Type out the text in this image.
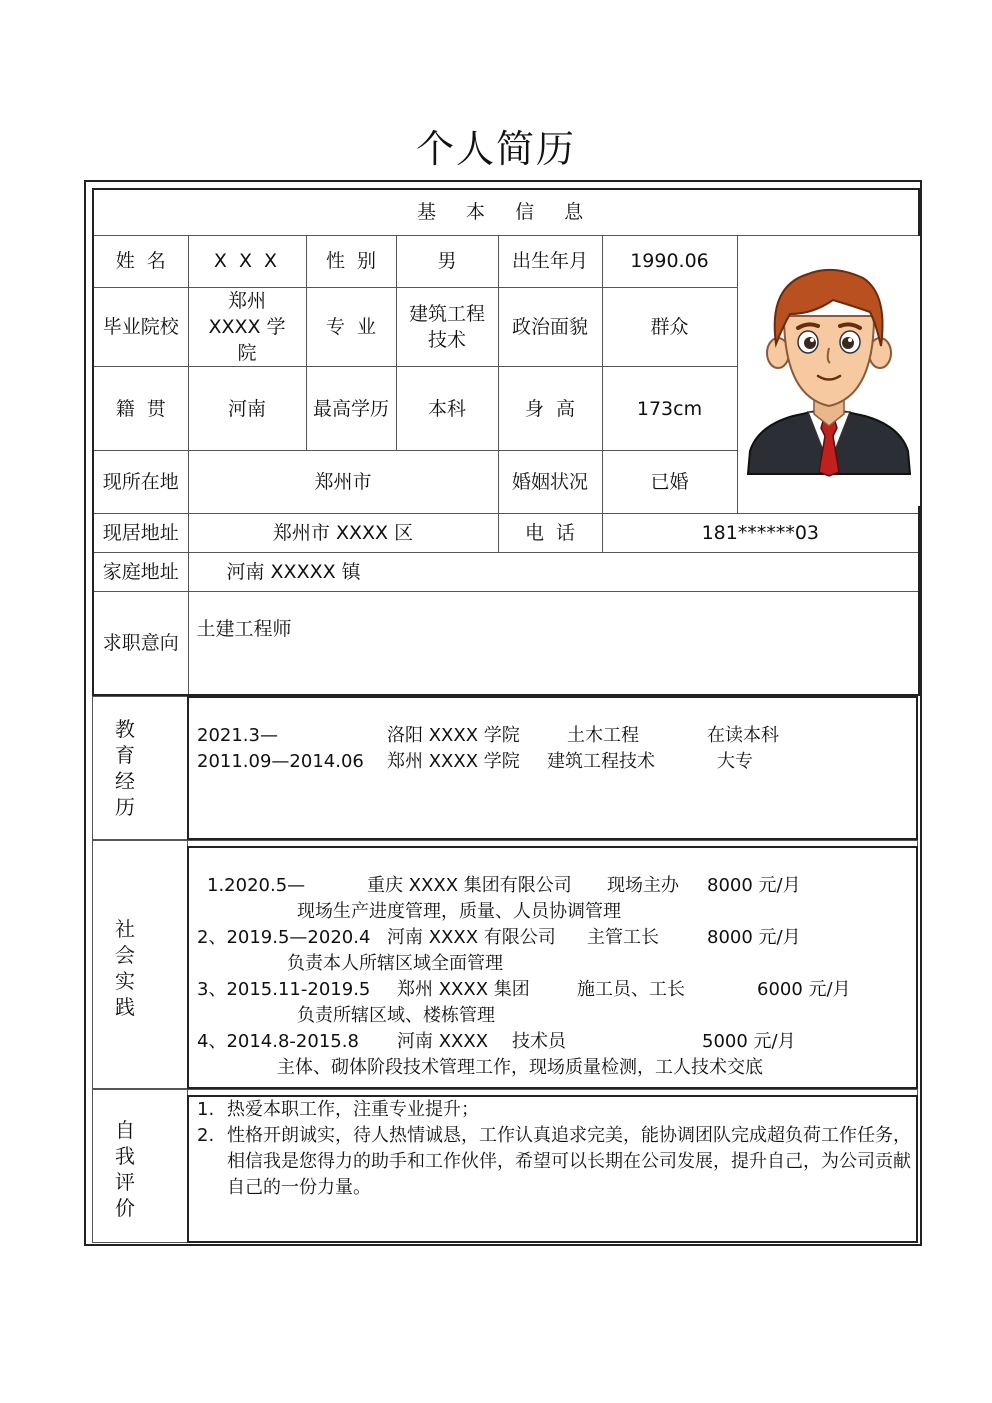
个人简历
基 本 信 息						
姓  名	X X X	性  别	男	出生年月	1990.06	
毕业院校	郑州 XXXX 学院	专  业	建筑工程技术	政治面貌	群众	
籍  贯	河南	最高学历	本科	身  高	173cm	
现所在地	郑州市			婚姻状况	已婚	
现居地址	郑州市 XXXX 区			电  话	181******03	
家庭地址	河南 XXXXX 镇					
求职意向	土建工程师					
教
育
经
历
2021.3—	洛阳 XXXX 学院	土木工程	在读本科
2011.09—2014.06 郑州 XXXX 学院 建筑工程技术	大专
社
会
实
践
1.2020.5—	重庆 XXXX 集团有限公司 现场主办 8000 元/月
现场生产进度管理，质量、人员协调管理
2、2019.5—2020.4 河南 XXXX 有限公司 主管工长	8000 元/月
负责本人所辖区域全面管理
3、2015.11-2019.5 郑州 XXXX 集团	施工员、工长	6000 元/月
负责所辖区域、楼栋管理
4、2014.8-2015.8 河南 XXXX 技术员	5000 元/月
主体、砌体阶段技术管理工作，现场质量检测，工人技术交底
自
我
评
价
1. 热爱本职工作，注重专业提升；
2. 性格开朗诚实，待人热情诚恳，工作认真追求完美，能协调团队完成超负荷工作任务，相信我是您得力的助手和工作伙伴，希望可以长期在公司发展，提升自己，为公司贡献自己的一份力量。
